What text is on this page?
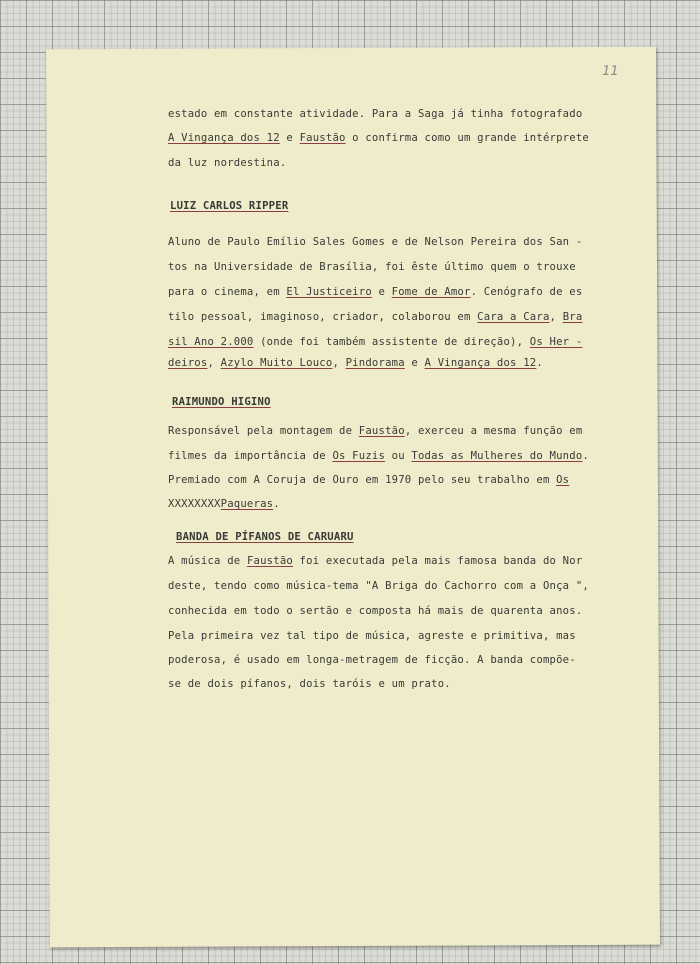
11
estado em constante atividade. Para a Saga já tinha fotografado
A Vingança dos 12 e Faustão o confirma como um grande intérprete
da luz nordestina.
LUIZ CARLOS RIPPER
Aluno de Paulo Emílio Sales Gomes e de Nelson Pereira dos San -
tos na Universidade de Brasília, foi êste último quem o trouxe
para o cinema, em El Justiceiro e Fome de Amor. Cenógrafo de es
tilo pessoal, imaginoso, criador, colaborou em Cara a Cara, Bra
sil Ano 2.000 (onde foi também assistente de direção), Os Her -
deiros, Azylo Muito Louco, Pindorama e A Vingança dos 12.
RAIMUNDO HIGINO
Responsável pela montagem de Faustão, exerceu a mesma função em
filmes da importância de Os Fuzis ou Todas as Mulheres do Mundo.
Premiado com A Coruja de Ouro em 1970 pelo seu trabalho em Os
XXXXXXXXPaqueras.
BANDA DE PÍFANOS DE CARUARU
A música de Faustão foi executada pela mais famosa banda do Nor
deste, tendo como música-tema "A Briga do Cachorro com a Onça ",
conhecida em todo o sertão e composta há mais de quarenta anos.
Pela primeira vez tal tipo de música, agreste e primitiva, mas
poderosa, é usado em longa-metragem de ficção. A banda compõe-
se de dois pífanos, dois taróis e um prato.
